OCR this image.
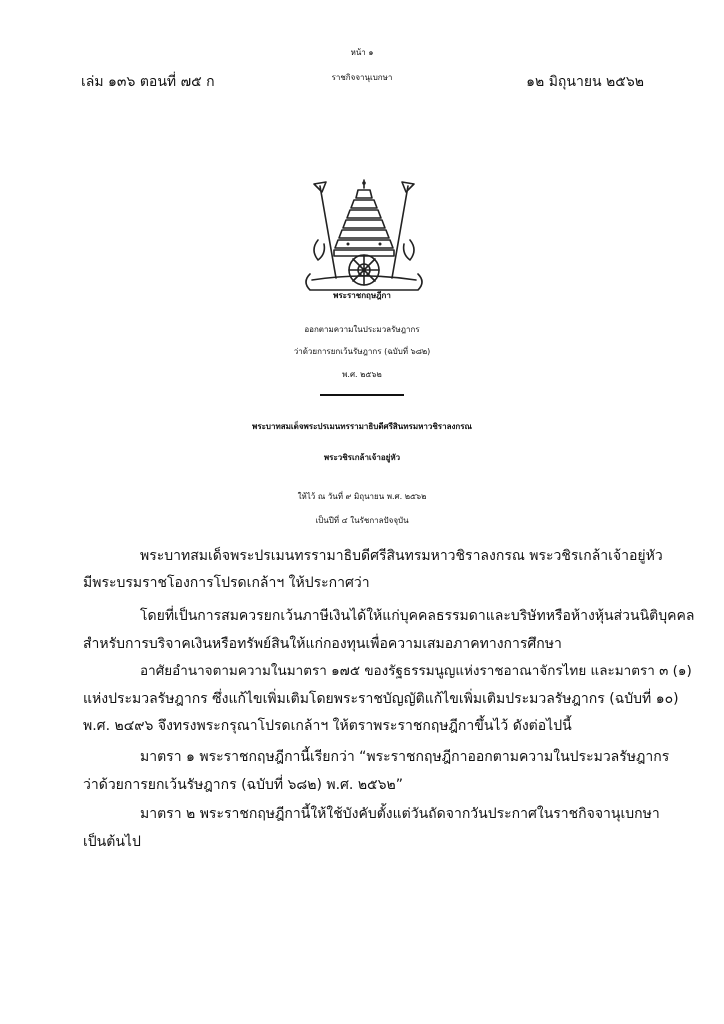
หน้า ๑
เล่ม ๑๓๖ ตอนที่ ๗๕ ก	ราชกิจจานุเบกษา	๑๒ มิถุนายน ๒๕๖๒
พระราชกฤษฎีกา
ออกตามความในประมวลรัษฎากร
ว่าด้วยการยกเว้นรัษฎากร (ฉบับที่ ๖๘๒)
พ.ศ. ๒๕๖๒
พระบาทสมเด็จพระปรเมนทรรามาธิบดีศรีสินทรมหาวชิราลงกรณ
พระวชิรเกล้าเจ้าอยู่หัว
ให้ไว้ ณ วันที่ ๙ มิถุนายน พ.ศ. ๒๕๖๒
เป็นปีที่ ๔ ในรัชกาลปัจจุบัน
พระบาทสมเด็จพระปรเมนทรรามาธิบดีศรีสินทรมหาวชิราลงกรณ พระวชิรเกล้าเจ้าอยู่หัว
มีพระบรมราชโองการโปรดเกล้าฯ ให้ประกาศว่า
โดยที่เป็นการสมควรยกเว้นภาษีเงินได้ให้แก่บุคคลธรรมดาและบริษัทหรือห้างหุ้นส่วนนิติบุคคล
สำหรับการบริจาคเงินหรือทรัพย์สินให้แก่กองทุนเพื่อความเสมอภาคทางการศึกษา
อาศัยอำนาจตามความในมาตรา ๑๗๕ ของรัฐธรรมนูญแห่งราชอาณาจักรไทย และมาตรา ๓ (๑)
แห่งประมวลรัษฎากร ซึ่งแก้ไขเพิ่มเติมโดยพระราชบัญญัติแก้ไขเพิ่มเติมประมวลรัษฎากร (ฉบับที่ ๑๐)
พ.ศ. ๒๔๙๖ จึงทรงพระกรุณาโปรดเกล้าฯ ให้ตราพระราชกฤษฎีกาขึ้นไว้ ดังต่อไปนี้
มาตรา ๑ พระราชกฤษฎีกานี้เรียกว่า “พระราชกฤษฎีกาออกตามความในประมวลรัษฎากร
ว่าด้วยการยกเว้นรัษฎากร (ฉบับที่ ๖๘๒) พ.ศ. ๒๕๖๒”
มาตรา ๒ พระราชกฤษฎีกานี้ให้ใช้บังคับตั้งแต่วันถัดจากวันประกาศในราชกิจจานุเบกษา
เป็นต้นไป
